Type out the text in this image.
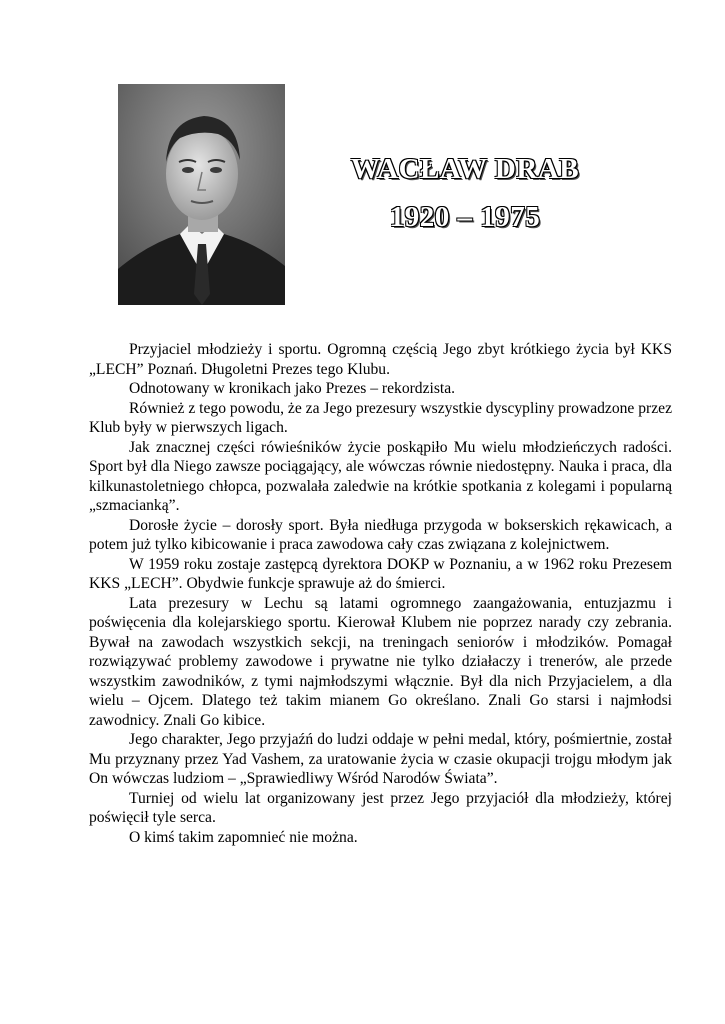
WACŁAW DRAB
1920 – 1975

Przyjaciel młodzieży i sportu. Ogromną częścią Jego zbyt krótkiego życia był KKS „LECH” Poznań. Długoletni Prezes tego Klubu.

Odnotowany w kronikach jako Prezes – rekordzista.

Również z tego powodu, że za Jego prezesury wszystkie dyscypliny prowadzone przez Klub były w pierwszych ligach.

Jak znacznej części rówieśników życie poskąpiło Mu wielu młodzieńczych radości. Sport był dla Niego zawsze pociągający, ale wówczas równie niedostępny. Nauka i praca, dla kilkunastoletniego chłopca, pozwalała zaledwie na krótkie spotkania z kolegami i popularną „szmacianką”.

Dorosłe życie – dorosły sport. Była niedługa przygoda w bokserskich rękawicach, a potem już tylko kibicowanie i praca zawodowa cały czas związana z kolejnictwem.

W 1959 roku zostaje zastępcą dyrektora DOKP w Poznaniu, a w 1962 roku Prezesem KKS „LECH”. Obydwie funkcje sprawuje aż do śmierci.

Lata prezesury w Lechu są latami ogromnego zaangażowania, entuzjazmu i poświęcenia dla kolejarskiego sportu. Kierował Klubem nie poprzez narady czy zebrania. Bywał na zawodach wszystkich sekcji, na treningach seniorów i młodzików. Pomagał rozwiązywać problemy zawodowe i prywatne nie tylko działaczy i trenerów, ale przede wszystkim zawodników, z tymi najmłodszymi włącznie. Był dla nich Przyjacielem, a dla wielu – Ojcem. Dlatego też takim mianem Go określano. Znali Go starsi i najmłodsi zawodnicy. Znali Go kibice.

Jego charakter, Jego przyjaźń do ludzi oddaje w pełni medal, który, pośmiertnie, został Mu przyznany przez Yad Vashem, za uratowanie życia w czasie okupacji trojgu młodym jak On wówczas ludziom – „Sprawiedliwy Wśród Narodów Świata”.

Turniej od wielu lat organizowany jest przez Jego przyjaciół dla młodzieży, której poświęcił tyle serca.

O kimś takim zapomnieć nie można.
